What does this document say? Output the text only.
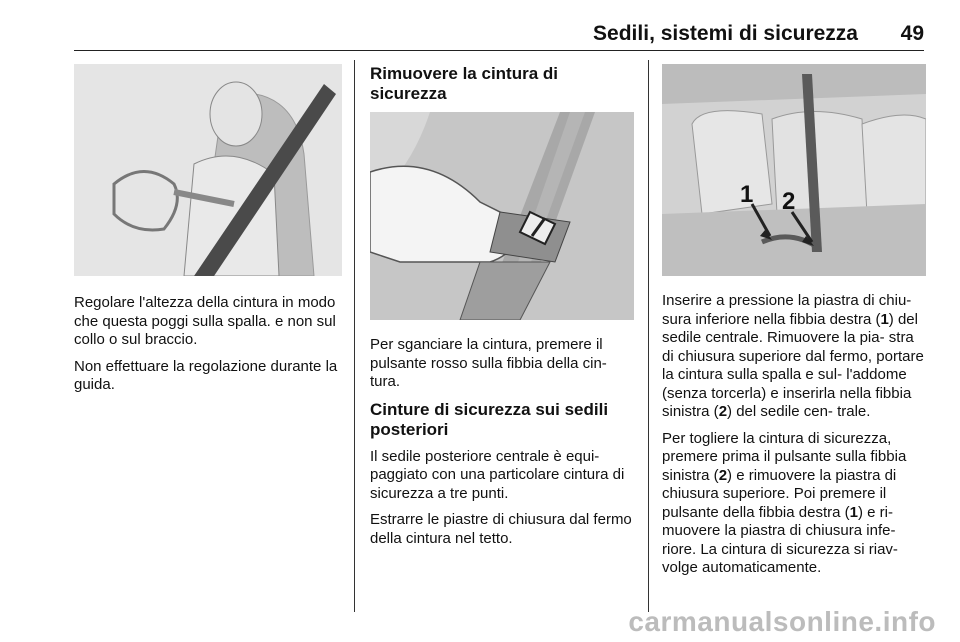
Sedili, sistemi di sicurezza 49

Regolare l'altezza della cintura in modo che questa poggi sulla spalla. e non sul collo o sul braccio.

Non effettuare la regolazione durante la guida.

Rimuovere la cintura di sicurezza

Per sganciare la cintura, premere il pulsante rosso sulla fibbia della cin- tura.

Cinture di sicurezza sui sedili posteriori

Il sedile posteriore centrale è equi- paggiato con una particolare cintura di sicurezza a tre punti.

Estrarre le piastre di chiusura dal fermo della cintura nel tetto.

1 2

Inserire a pressione la piastra di chiu- sura inferiore nella fibbia destra (1) del sedile centrale. Rimuovere la pia- stra di chiusura superiore dal fermo, portare la cintura sulla spalla e sul- l'addome (senza torcerla) e inserirla nella fibbia sinistra (2) del sedile cen- trale.

Per togliere la cintura di sicurezza, premere prima il pulsante sulla fibbia sinistra (2) e rimuovere la piastra di chiusura superiore. Poi premere il pulsante della fibbia destra (1) e ri- muovere la piastra di chiusura infe- riore. La cintura di sicurezza si riav- volge automaticamente.

carmanualsonline.info
